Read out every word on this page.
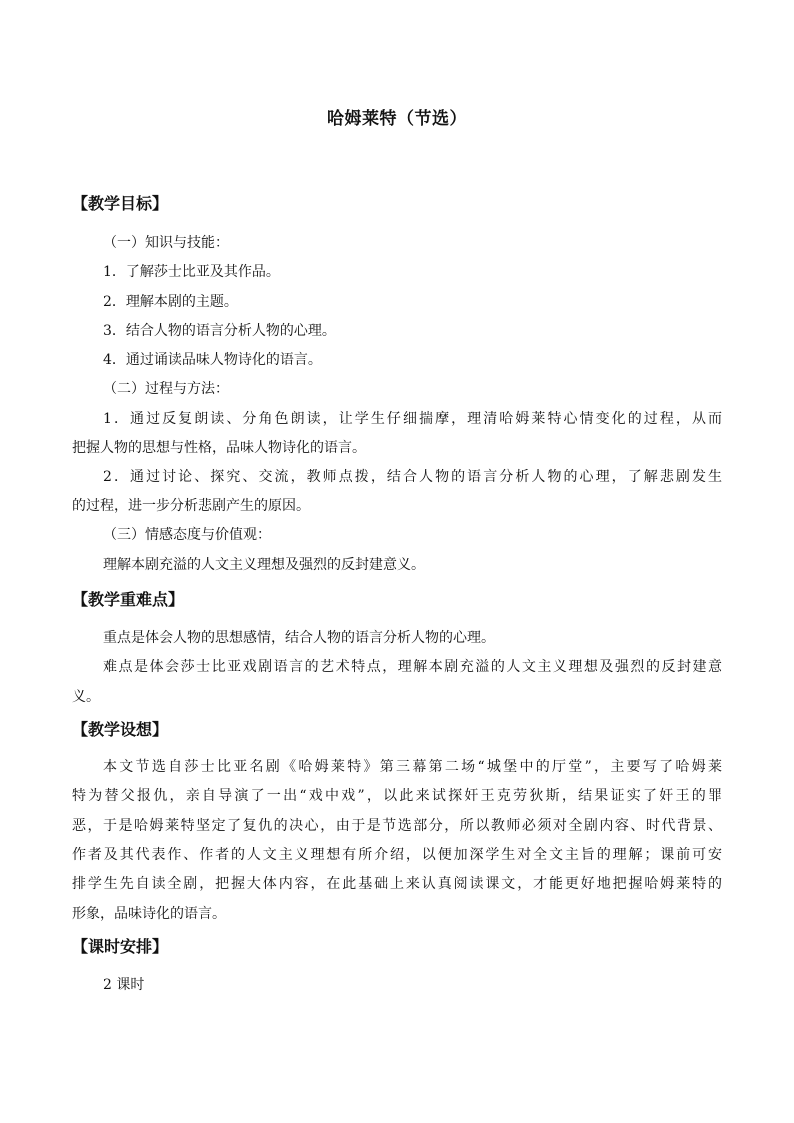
哈姆莱特（节选）
【教学目标】
（一）知识与技能：
1．了解莎士比亚及其作品。
2．理解本剧的主题。
3．结合人物的语言分析人物的心理。
4．通过诵读品味人物诗化的语言。
（二）过程与方法：
1．通过反复朗读、分角色朗读，让学生仔细揣摩，理清哈姆莱特心情变化的过程，从而
把握人物的思想与性格，品味人物诗化的语言。
2．通过讨论、探究、交流，教师点拨，结合人物的语言分析人物的心理，了解悲剧发生
的过程，进一步分析悲剧产生的原因。
（三）情感态度与价值观：
理解本剧充溢的人文主义理想及强烈的反封建意义。
【教学重难点】
重点是体会人物的思想感情，结合人物的语言分析人物的心理。
难点是体会莎士比亚戏剧语言的艺术特点，理解本剧充溢的人文主义理想及强烈的反封建意
义。
【教学设想】
本文节选自莎士比亚名剧《哈姆莱特》第三幕第二场“城堡中的厅堂”，主要写了哈姆莱
特为替父报仇，亲自导演了一出“戏中戏”，以此来试探奸王克劳狄斯，结果证实了奸王的罪
恶，于是哈姆莱特坚定了复仇的决心，由于是节选部分，所以教师必须对全剧内容、时代背景、
作者及其代表作、作者的人文主义理想有所介绍，以便加深学生对全文主旨的理解；课前可安
排学生先自读全剧，把握大体内容，在此基础上来认真阅读课文，才能更好地把握哈姆莱特的
形象，品味诗化的语言。
【课时安排】
2 课时
